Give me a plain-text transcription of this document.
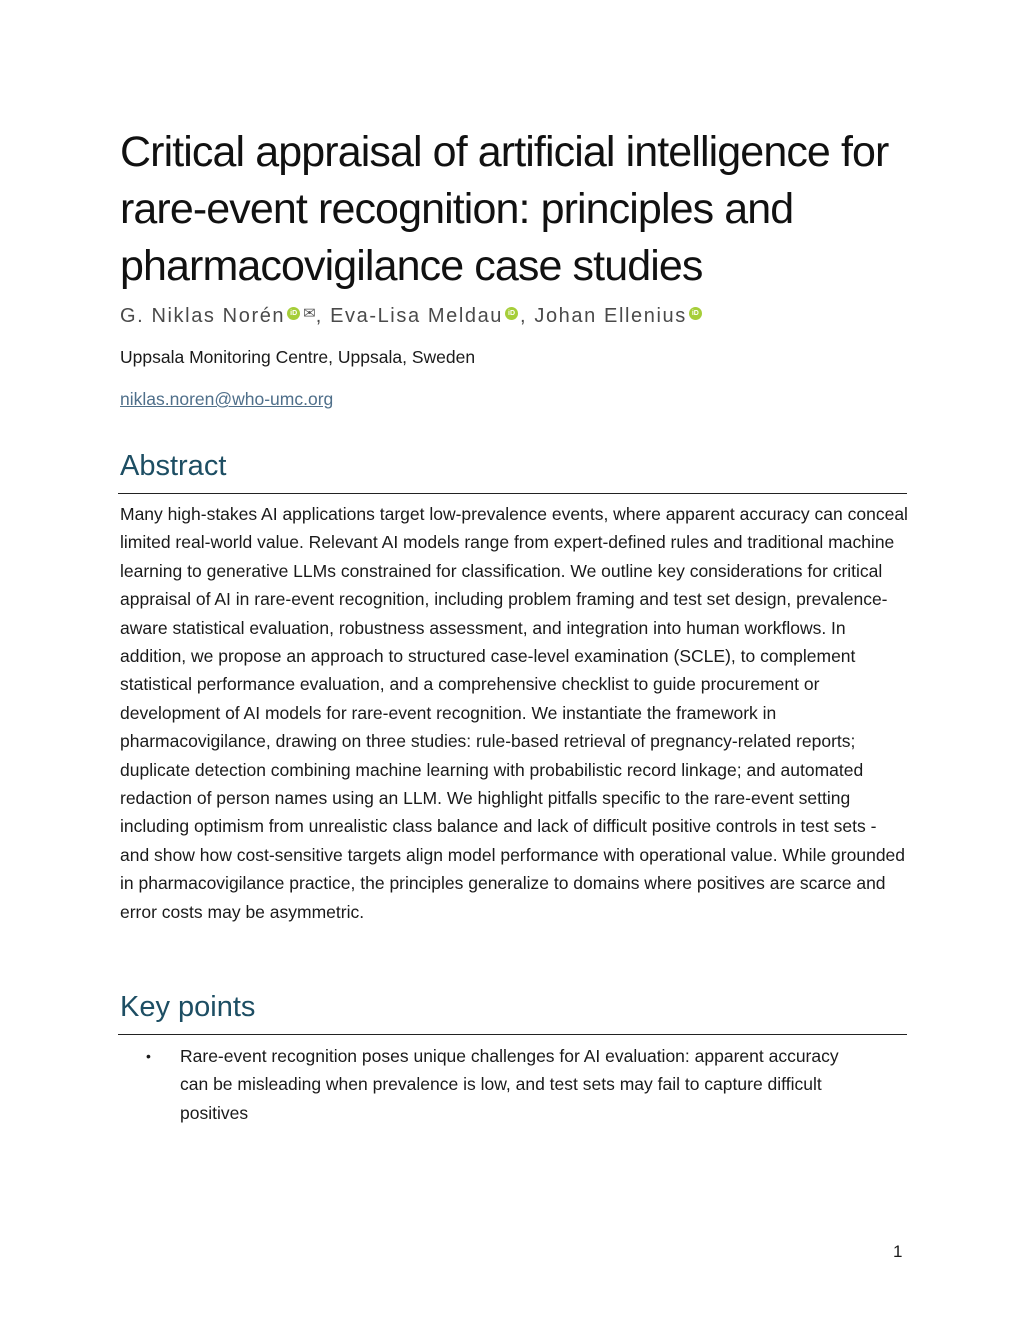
Critical appraisal of artificial intelligence for rare-event recognition: principles and pharmacovigilance case studies
G. Niklas Norén iD ✉, Eva-Lisa Meldau iD , Johan Ellenius iD
Uppsala Monitoring Centre, Uppsala, Sweden
niklas.noren@who-umc.org
Abstract

Many high-stakes AI applications target low-prevalence events, where apparent accuracy can conceal limited real-world value. Relevant AI models range from expert-defined rules and traditional machine learning to generative LLMs constrained for classification. We outline key considerations for critical appraisal of AI in rare-event recognition, including problem framing and test set design, prevalence-aware statistical evaluation, robustness assessment, and integration into human workflows. In addition, we propose an approach to structured case-level examination (SCLE), to complement statistical performance evaluation, and a comprehensive checklist to guide procurement or development of AI models for rare-event recognition. We instantiate the framework in pharmacovigilance, drawing on three studies: rule-based retrieval of pregnancy-related reports; duplicate detection combining machine learning with probabilistic record linkage; and automated redaction of person names using an LLM. We highlight pitfalls specific to the rare-event setting including optimism from unrealistic class balance and lack of difficult positive controls in test sets - and show how cost-sensitive targets align model performance with operational value. While grounded in pharmacovigilance practice, the principles generalize to domains where positives are scarce and error costs may be asymmetric.

Key points
• Rare-event recognition poses unique challenges for AI evaluation: apparent accuracy can be misleading when prevalence is low, and test sets may fail to capture difficult positives
1
